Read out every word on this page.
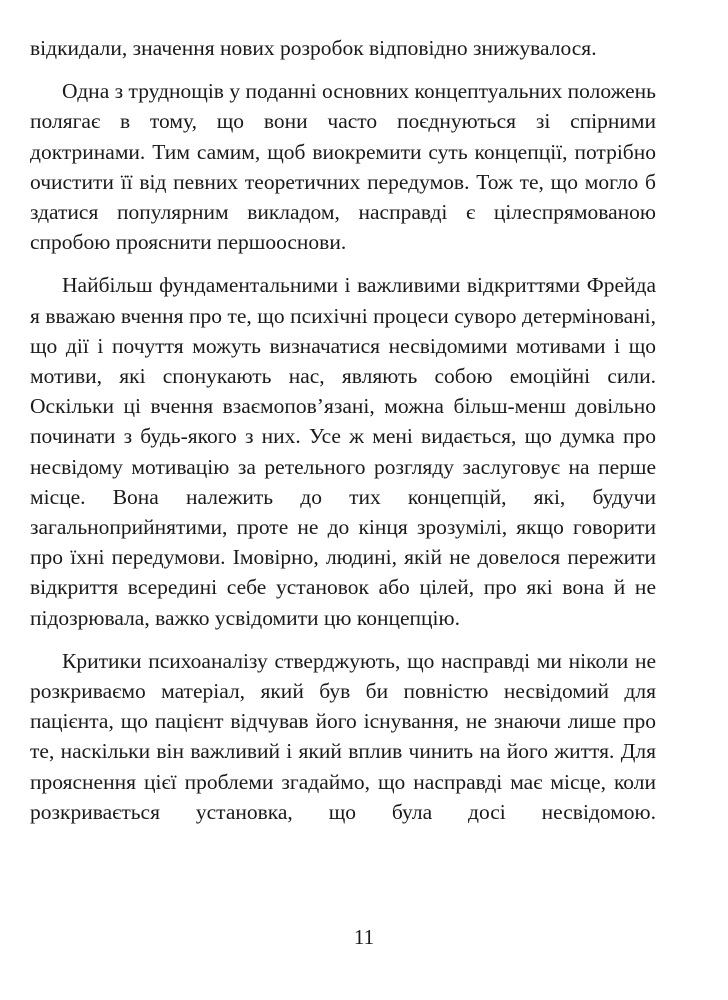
відкидали, значення нових розробок відповідно знижувалося.

Одна з труднощів у поданні основних концептуальних положень полягає в тому, що вони часто поєднуються зі спірними доктринами. Тим самим, щоб виокремити суть концепції, потрібно очистити її від певних теоретичних передумов. Тож те, що могло б здатися популярним викладом, насправді є цілеспрямованою спробою прояснити першооснови.

Найбільш фундаментальними і важливими відкриттями Фрейда я вважаю вчення про те, що психічні процеси суворо детерміновані, що дії і почуття можуть визначатися несвідомими мотивами і що мотиви, які спонукають нас, являють собою емоційні сили. Оскільки ці вчення взаємопов’язані, можна більш-менш довільно починати з будь-якого з них. Усе ж мені видається, що думка про несвідому мотивацію за ретельного розгляду заслуговує на перше місце. Вона належить до тих концепцій, які, будучи загальноприйнятими, проте не до кінця зрозумілі, якщо говорити про їхні передумови. Імовірно, людині, якій не довелося пережити відкриття всередині себе установок або цілей, про які вона й не підозрювала, важко усвідомити цю концепцію.

Критики психоаналізу стверджують, що насправді ми ніколи не розкриваємо матеріал, який був би повністю несвідомий для пацієнта, що пацієнт відчував його існування, не знаючи лише про те, наскільки він важливий і який вплив чинить на його життя. Для прояснення цієї проблеми згадаймо, що насправді має місце, коли розкривається установка, що була досі несвідомою.

11
